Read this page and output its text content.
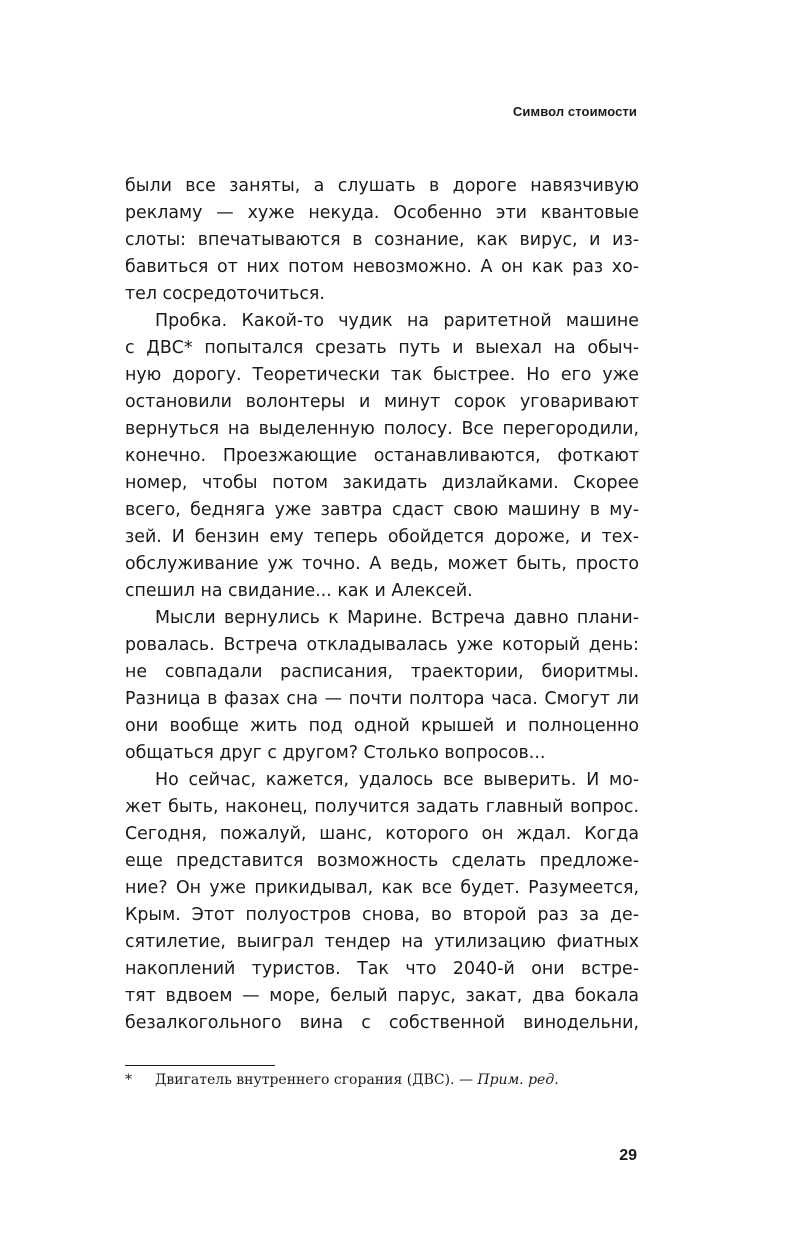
Символ стоимости
были все заняты, а слушать в дороге навязчивую
рекламу — хуже некуда. Особенно эти квантовые
слоты: впечатываются в сознание, как вирус, и из-
бавиться от них потом невозможно. А он как раз хо-
тел сосредоточиться.
Пробка. Какой-то чудик на раритетной машине
с ДВС* попытался срезать путь и выехал на обыч-
ную дорогу. Теоретически так быстрее. Но его уже
остановили волонтеры и минут сорок уговаривают
вернуться на выделенную полосу. Все перегородили,
конечно. Проезжающие останавливаются, фоткают
номер, чтобы потом закидать дизлайками. Скорее
всего, бедняга уже завтра сдаст свою машину в му-
зей. И бензин ему теперь обойдется дороже, и тех-
обслуживание уж точно. А ведь, может быть, просто
спешил на свидание... как и Алексей.
Мысли вернулись к Марине. Встреча давно плани-
ровалась. Встреча откладывалась уже который день:
не совпадали расписания, траектории, биоритмы.
Разница в фазах сна — почти полтора часа. Смогут ли
они вообще жить под одной крышей и полноценно
общаться друг с другом? Столько вопросов...
Но сейчас, кажется, удалось все выверить. И мо-
жет быть, наконец, получится задать главный вопрос.
Сегодня, пожалуй, шанс, которого он ждал. Когда
еще представится возможность сделать предложе-
ние? Он уже прикидывал, как все будет. Разумеется,
Крым. Этот полуостров снова, во второй раз за де-
сятилетие, выиграл тендер на утилизацию фиатных
накоплений туристов. Так что 2040-й они встре-
тят вдвоем — море, белый парус, закат, два бокала
безалкогольного вина с собственной винодельни,
* Двигатель внутреннего сгорания (ДВС). — Прим. ред.
29
